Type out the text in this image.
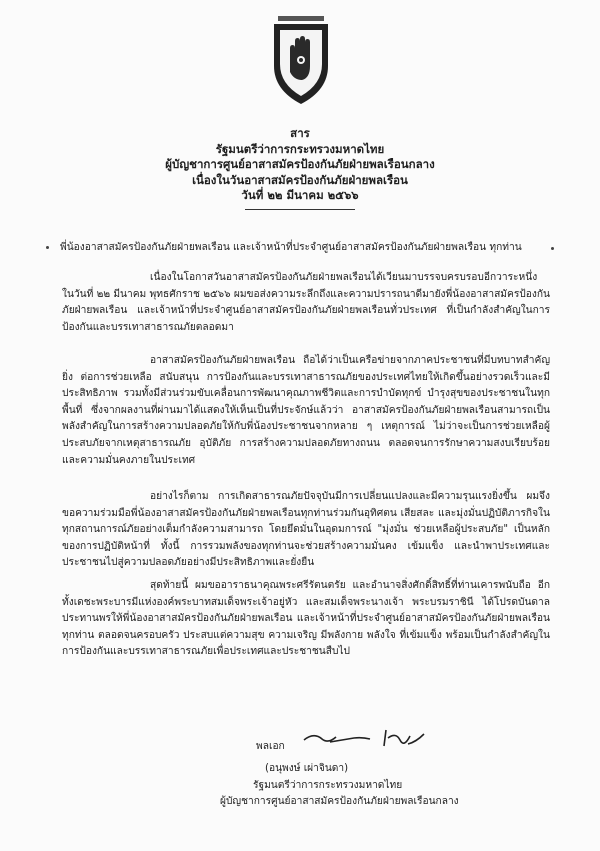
สาร
รัฐมนตรีว่าการกระทรวงมหาดไทย
ผู้บัญชาการศูนย์อาสาสมัครป้องกันภัยฝ่ายพลเรือนกลาง
เนื่องในวันอาสาสมัครป้องกันภัยฝ่ายพลเรือน
วันที่ ๒๒ มีนาคม ๒๕๖๖
พี่น้องอาสาสมัครป้องกันภัยฝ่ายพลเรือน และเจ้าหน้าที่ประจำศูนย์อาสาสมัครป้องกันภัยฝ่ายพลเรือน ทุกท่าน

เนื่องในโอกาสวันอาสาสมัครป้องกันภัยฝ่ายพลเรือนได้เวียนมาบรรจบครบรอบอีกวาระหนึ่ง ในวันที่ ๒๒ มีนาคม พุทธศักราช ๒๕๖๖ ผมขอส่งความระลึกถึงและความปรารถนาดีมายังพี่น้องอาสาสมัครป้องกันภัยฝ่ายพลเรือน และเจ้าหน้าที่ประจำศูนย์อาสาสมัครป้องกันภัยฝ่ายพลเรือนทั่วประเทศ ที่เป็นกำลังสำคัญในการป้องกันและบรรเทาสาธารณภัยตลอดมา

อาสาสมัครป้องกันภัยฝ่ายพลเรือน ถือได้ว่าเป็นเครือข่ายจากภาคประชาชนที่มีบทบาทสำคัญยิ่ง ต่อการช่วยเหลือ สนับสนุน การป้องกันและบรรเทาสาธารณภัยของประเทศไทยให้เกิดขึ้นอย่างรวดเร็วและมีประสิทธิภาพ รวมทั้งมีส่วนร่วมขับเคลื่อนการพัฒนาคุณภาพชีวิตและการบำบัดทุกข์ บำรุงสุขของประชาชนในทุกพื้นที่ ซึ่งจากผลงานที่ผ่านมาได้แสดงให้เห็นเป็นที่ประจักษ์แล้วว่า อาสาสมัครป้องกันภัยฝ่ายพลเรือนสามารถเป็นพลังสำคัญในการสร้างความปลอดภัยให้กับพี่น้องประชาชนจากหลาย ๆ เหตุการณ์ ไม่ว่าจะเป็นการช่วยเหลือผู้ประสบภัยจากเหตุสาธารณภัย อุบัติภัย การสร้างความปลอดภัยทางถนน ตลอดจนการรักษาความสงบเรียบร้อยและความมั่นคงภายในประเทศ

อย่างไรก็ตาม การเกิดสาธารณภัยปัจจุบันมีการเปลี่ยนแปลงและมีความรุนแรงยิ่งขึ้น ผมจึงขอความร่วมมือพี่น้องอาสาสมัครป้องกันภัยฝ่ายพลเรือนทุกท่านร่วมกันอุทิศตน เสียสละ และมุ่งมั่นปฏิบัติภารกิจในทุกสถานการณ์ภัยอย่างเต็มกำลังความสามารถ โดยยึดมั่นในอุดมการณ์ "มุ่งมั่น ช่วยเหลือผู้ประสบภัย" เป็นหลักของการปฏิบัติหน้าที่ ทั้งนี้ การรวมพลังของทุกท่านจะช่วยสร้างความมั่นคง เข้มแข็ง และนำพาประเทศและประชาชนไปสู่ความปลอดภัยอย่างมีประสิทธิภาพและยั่งยืน

สุดท้ายนี้ ผมขออาราธนาคุณพระศรีรัตนตรัย และอำนาจสิ่งศักดิ์สิทธิ์ที่ท่านเคารพนับถือ อีกทั้งเดชะพระบารมีแห่งองค์พระบาทสมเด็จพระเจ้าอยู่หัว และสมเด็จพระนางเจ้า พระบรมราชินี ได้โปรดบันดาลประทานพรให้พี่น้องอาสาสมัครป้องกันภัยฝ่ายพลเรือน และเจ้าหน้าที่ประจำศูนย์อาสาสมัครป้องกันภัยฝ่ายพลเรือนทุกท่าน ตลอดจนครอบครัว ประสบแต่ความสุข ความเจริญ มีพลังกาย พลังใจ ที่เข้มแข็ง พร้อมเป็นกำลังสำคัญในการป้องกันและบรรเทาสาธารณภัยเพื่อประเทศและประชาชนสืบไป

พลเอก
(อนุพงษ์ เผ่าจินดา)
รัฐมนตรีว่าการกระทรวงมหาดไทย
ผู้บัญชาการศูนย์อาสาสมัครป้องกันภัยฝ่ายพลเรือนกลาง
